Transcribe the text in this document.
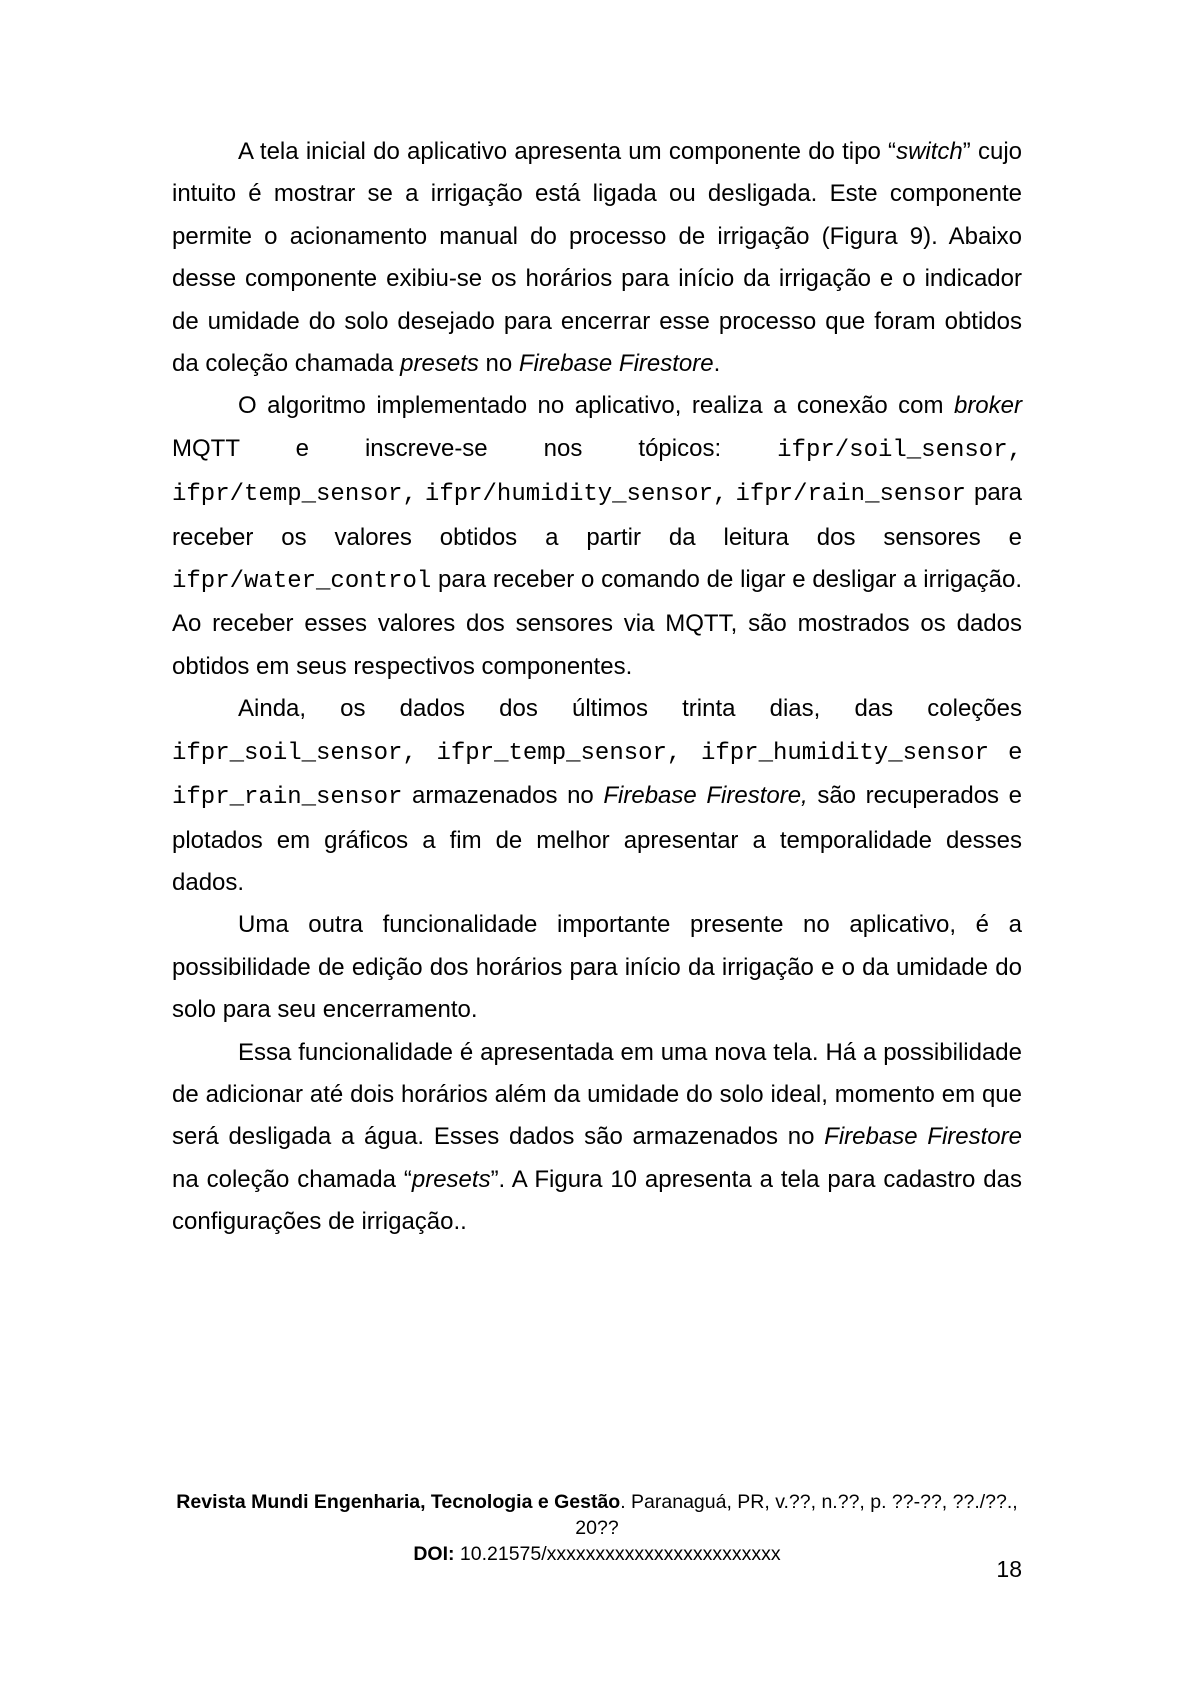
A tela inicial do aplicativo apresenta um componente do tipo “switch” cujo intuito é mostrar se a irrigação está ligada ou desligada. Este componente permite o acionamento manual do processo de irrigação (Figura 9). Abaixo desse componente exibiu-se os horários para início da irrigação e o indicador de umidade do solo desejado para encerrar esse processo que foram obtidos da coleção chamada presets no Firebase Firestore.

O algoritmo implementado no aplicativo, realiza a conexão com broker MQTT e inscreve-se nos tópicos: ifpr/soil_sensor, ifpr/temp_sensor, ifpr/humidity_sensor, ifpr/rain_sensor para receber os valores obtidos a partir da leitura dos sensores e ifpr/water_control para receber o comando de ligar e desligar a irrigação. Ao receber esses valores dos sensores via MQTT, são mostrados os dados obtidos em seus respectivos componentes.

Ainda, os dados dos últimos trinta dias, das coleções ifpr_soil_sensor, ifpr_temp_sensor, ifpr_humidity_sensor e ifpr_rain_sensor armazenados no Firebase Firestore, são recuperados e plotados em gráficos a fim de melhor apresentar a temporalidade desses dados.

Uma outra funcionalidade importante presente no aplicativo, é a possibilidade de edição dos horários para início da irrigação e o da umidade do solo para seu encerramento.

Essa funcionalidade é apresentada em uma nova tela. Há a possibilidade de adicionar até dois horários além da umidade do solo ideal, momento em que será desligada a água. Esses dados são armazenados no Firebase Firestore na coleção chamada “presets”. A Figura 10 apresenta a tela para cadastro das configurações de irrigação..

Revista Mundi Engenharia, Tecnologia e Gestão. Paranaguá, PR, v.??, n.??, p. ??-??, ??./??., 20??
DOI: 10.21575/xxxxxxxxxxxxxxxxxxxxxxxx
18
